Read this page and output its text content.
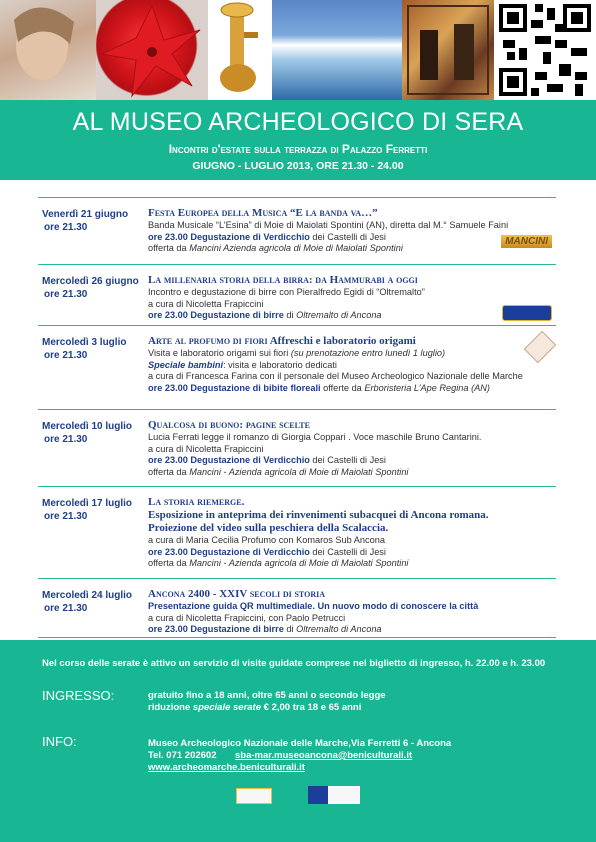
AL MUSEO ARCHEOLOGICO DI SERA
Incontri d'estate sulla terrazza di Palazzo Ferretti
GIUGNO - LUGLIO 2013, ORE 21.30 - 24.00
Venerdì 21 giugno
ore 21.30
Festa Europea della Musica “E la banda va…”
Banda Musicale “L’Esina” di Moie di Maiolati Spontini (AN), diretta dal M.° Samuele Faini
ore 23.00 Degustazione di Verdicchio dei Castelli di Jesi
offerta da Mancini Azienda agricola di Moie di Maiolati Spontini
MANCINI
Mercoledì 26 giugno
ore 21.30
La millenaria storia della birra: da Hammurabi a oggi
Incontro e degustazione di birre con Pieralfredo Egidi di “Oltremalto”
a cura di Nicoletta Frapiccini
ore 23.00 Degustazione di birre di Oltremalto di Ancona
Mercoledì 3 luglio
ore 21.30
Arte al profumo di fiori Affreschi e laboratorio origami
Visita e laboratorio origami sui fiori (su prenotazione entro lunedì 1 luglio)
Speciale bambini: visita e laboratorio dedicati
a cura di Francesca Farina con il personale del Museo Archeologico Nazionale delle Marche
ore 23.00 Degustazione di bibite floreali offerte da Erboristeria L’Ape Regina (AN)
Mercoledì 10 luglio
ore 21.30
Qualcosa di buono: pagine scelte
Lucia Ferrati legge il romanzo di Giorgia Coppari . Voce maschile Bruno Cantarini.
a cura di Nicoletta Frapiccini
ore 23.00 Degustazione di Verdicchio dei Castelli di Jesi
offerta da Mancini - Azienda agricola di Moie di Maiolati Spontini
Mercoledì 17 luglio
ore 21.30
La storia riemerge.
Esposizione in anteprima dei rinvenimenti subacquei di Ancona romana.
Proiezione del video sulla peschiera della Scalaccia.
a cura di Maria Cecilia Profumo con Komaros Sub Ancona
ore 23.00 Degustazione di Verdicchio dei Castelli di Jesi
offerta da Mancini - Azienda agricola di Moie di Maiolati Spontini
Mercoledì 24 luglio
ore 21.30
Ancona 2400 - XXIV secoli di storia
Presentazione guida QR multimediale. Un nuovo modo di conoscere la città
a cura di Nicoletta Frapiccini, con Paolo Petrucci
ore 23.00 Degustazione di birre di Oltremalto di Ancona
Nel corso delle serate è attivo un servizio di visite guidate comprese nel biglietto di ingresso, h. 22.00 e h. 23.00
INGRESSO:	gratuito fino a 18 anni, oltre 65 anni o secondo legge
riduzione speciale serate € 2,00 tra 18 e 65 anni
INFO:	Museo Archeologico Nazionale delle Marche,Via Ferretti 6 - Ancona
Tel. 071 202602 sba-mar.museoancona@beniculturali.it
www.archeomarche.beniculturali.it
